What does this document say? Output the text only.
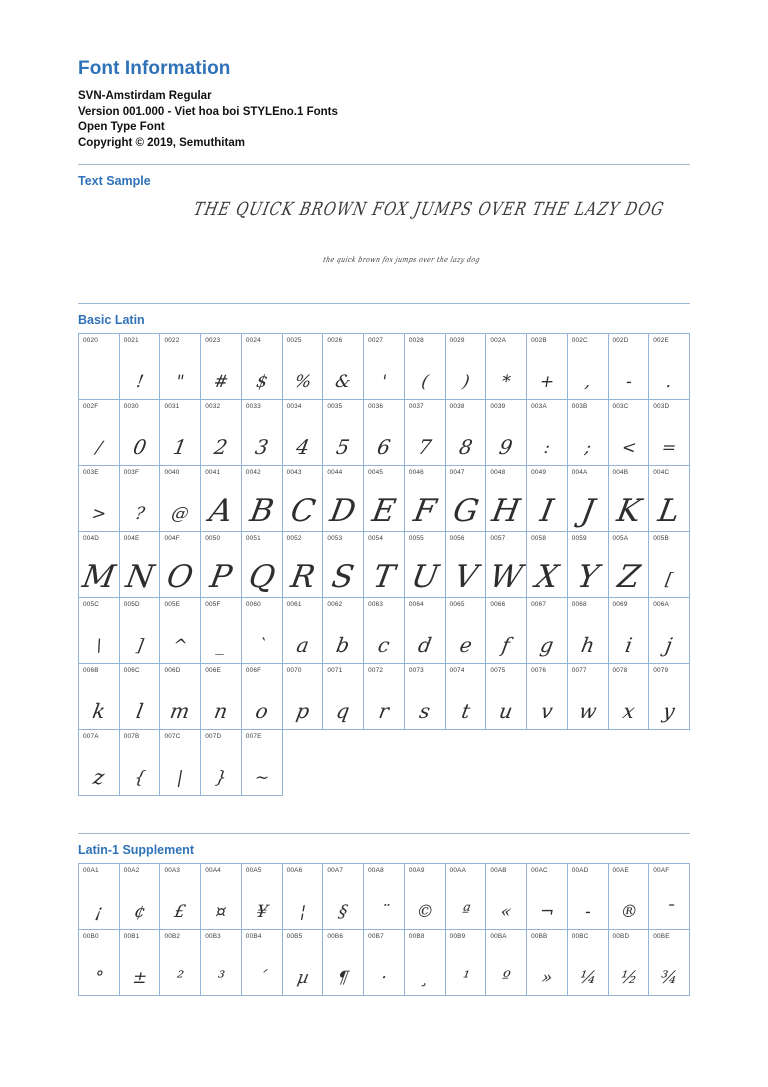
Font Information

SVN-Amstirdam Regular

Version 001.000 - Viet hoa boi STYLEno.1 Fonts

Open Type Font

Copyright © 2019, Semuthitam

Text Sample
THE QUICK BROWN FOX JUMPS OVER THE LAZY DOG
the quick brown fox jumps over the lazy dog
Basic Latin
0020	0021
!
0022
"
0023
#
0024
$
0025
%
0026
&
0027
'
0028
(
0029
)
002A
*
002B
+
002C
,
002D
-
002E
.
002F
/
0030
0
0031
1
0032
2
0033
3
0034
4
0035
5
0036
6
0037
7
0038
8
0039
9
003A
:
003B
;
003C
<
003D
=
003E
>
003F
?
0040
@
0041
A
0042
B
0043
C
0044
D
0045
E
0046
F
0047
G
0048
H
0049
I
004A
J
004B
K
004C
L
004D
M
004E
N
004F
O
0050
P
0051
Q
0052
R
0053
S
0054
T
0055
U
0056
V
0057
W
0058
X
0059
Y
005A
Z
005B
[
005C
\
005D
]
005E
^
005F
_
0060
`
0061
a
0062
b
0063
c
0064
d
0065
e
0066
f
0067
g
0068
h
0069
i
006A
j
006B
k
006C
l
006D
m
006E
n
006F
o
0070
p
0071
q
0072
r
0073
s
0074
t
0075
u
0076
v
0077
w
0078
x
0079
y
007A
z
007B
{
007C
|
007D
}
007E
~
Latin-1 Supplement
00A1
¡
00A2
¢
00A3
£
00A4
¤
00A5
¥
00A6
¦
00A7
§
00A8
¨
00A9
©
00AA
ª
00AB
«
00AC
¬
00AD
-
00AE
®
00AF
¯
00B0
°
00B1
±
00B2
²
00B3
³
00B4
´
00B5
µ
00B6
¶
00B7
·
00B8
¸
00B9
¹
00BA
º
00BB
»
00BC
¼
00BD
½
00BE
¾
